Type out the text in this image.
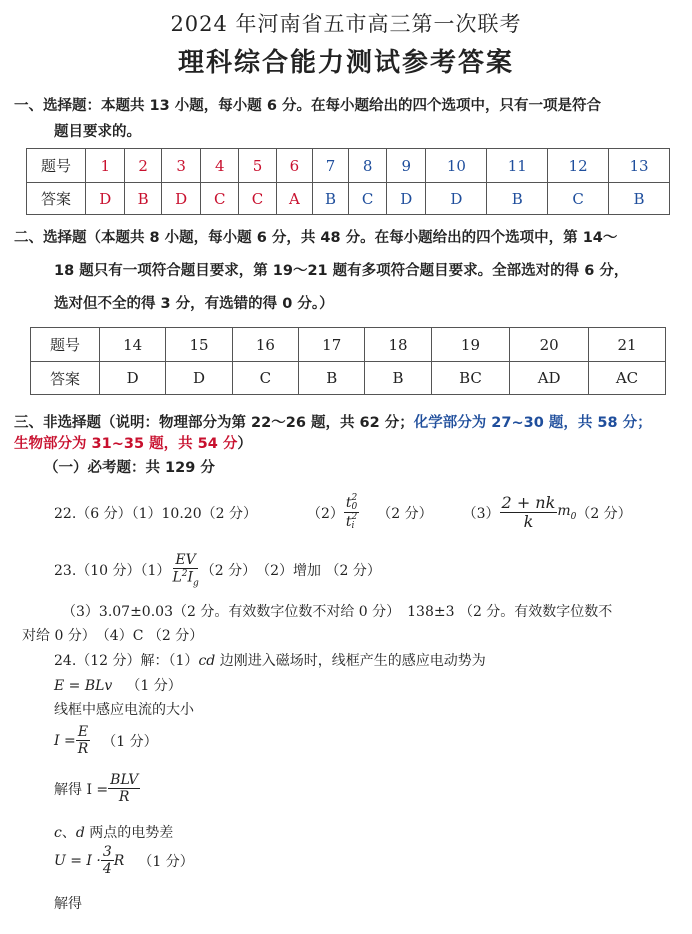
2024 年河南省五市高三第一次联考
理科综合能力测试参考答案
一、选择题：本题共 13 小题，每小题 6 分。在每小题给出的四个选项中，只有一项是符合
题目要求的。
题号	1	2	3	4	5	6	7	8	9	10	11	12	13
答案	D	B	D	C	C	A	B	C	D	D	B	C	B
二、选择题（本题共 8 小题，每小题 6 分，共 48 分。在每小题给出的四个选项中，第 14～
18 题只有一项符合题目要求，第 19～21 题有多项符合题目要求。全部选对的得 6 分，
选对但不全的得 3 分，有选错的得 0 分。）
题号	14	15	16	17	18	19	20	21
答案	D	D	C	B	B	BC	AD	AC
三、非选择题（说明：物理部分为第 22～26 题，共 62 分；化学部分为 27~30 题，共 58 分；
生物部分为 31~35 题，共 54 分）
（一）必考题：共 129 分
22.（6 分）（1）10.20（2 分）	（2） t 2
0
t 2
i （2 分） $(3) \frac{2 + nk}{k} m_0$ （2 分）
23.（10 分）$(1) \frac{EV}{L^2I_g} (2$ 分）　（2）增加 （2 分）
（3）3.07±0.03（2 分。有效数字位数不对给 0 分）　138±3 （2 分。有效数字位数不
对给 0 分）　（4）C （2 分）
24.（12 分）解：（1）cd 边刚进入磁场时，线框产生的感应电动势为
E = BLv （1 分）
线框中感应电流的大小
$I = \frac{E}{R} (1$ 分）
解得 $I = \frac{\text{BLV}}{R}$
c、d 两点的电势差
$U = I \cdot \frac{3}{4}$ R （1 分）
解得
